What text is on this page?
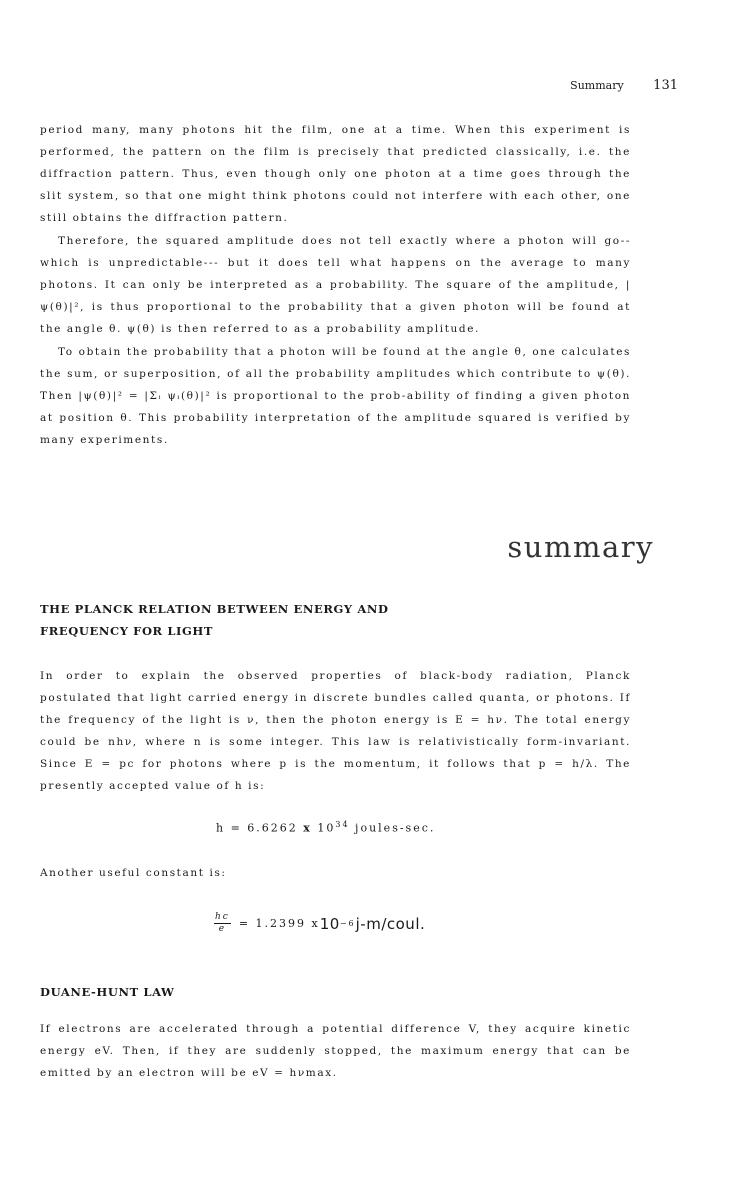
Summary 131

period many, many photons hit the film, one at a time. When this experiment is performed, the pattern on the film is precisely that predicted classically, i.e. the diffraction pattern. Thus, even though only one photon at a time goes through the slit system, so that one might think photons could not interfere with each other, one still obtains the diffraction pattern.

Therefore, the squared amplitude does not tell exactly where a photon will go--which is unpredictable--- but it does tell what happens on the average to many photons. It can only be interpreted as a probability. The square of the amplitude, |ψ(θ)|², is thus proportional to the probability that a given photon will be found at the angle θ. ψ(θ) is then referred to as a probability amplitude.

To obtain the probability that a photon will be found at the angle θ, one calculates the sum, or superposition, of all the probability amplitudes which contribute to ψ(θ). Then |ψ(θ)|² = |Σᵢ ψᵢ(θ)|² is proportional to the prob-ability of finding a given photon at position θ. This probability interpretation of the amplitude squared is verified by many experiments.

summary
THE PLANCK RELATION BETWEEN ENERGY AND FREQUENCY FOR LIGHT

In order to explain the observed properties of black-body radiation, Planck postulated that light carried energy in discrete bundles called quanta, or photons. If the frequency of the light is ν, then the photon energy is E = hν. The total energy could be nhν, where n is some integer. This law is relativistically form-invariant. Since E = pc for photons where p is the momentum, it follows that p = h/λ. The presently accepted value of h is:

h = 6.6262 x $10^{34}$ joules-sec.

Another useful constant is:

$\frac{hc}{e} = 1.2399$ x 10 −6 j-m/coul.
DUANE-HUNT LAW

If electrons are accelerated through a potential difference V, they acquire kinetic energy eV. Then, if they are suddenly stopped, the maximum energy that can be emitted by an electron will be eV = hνmax.
